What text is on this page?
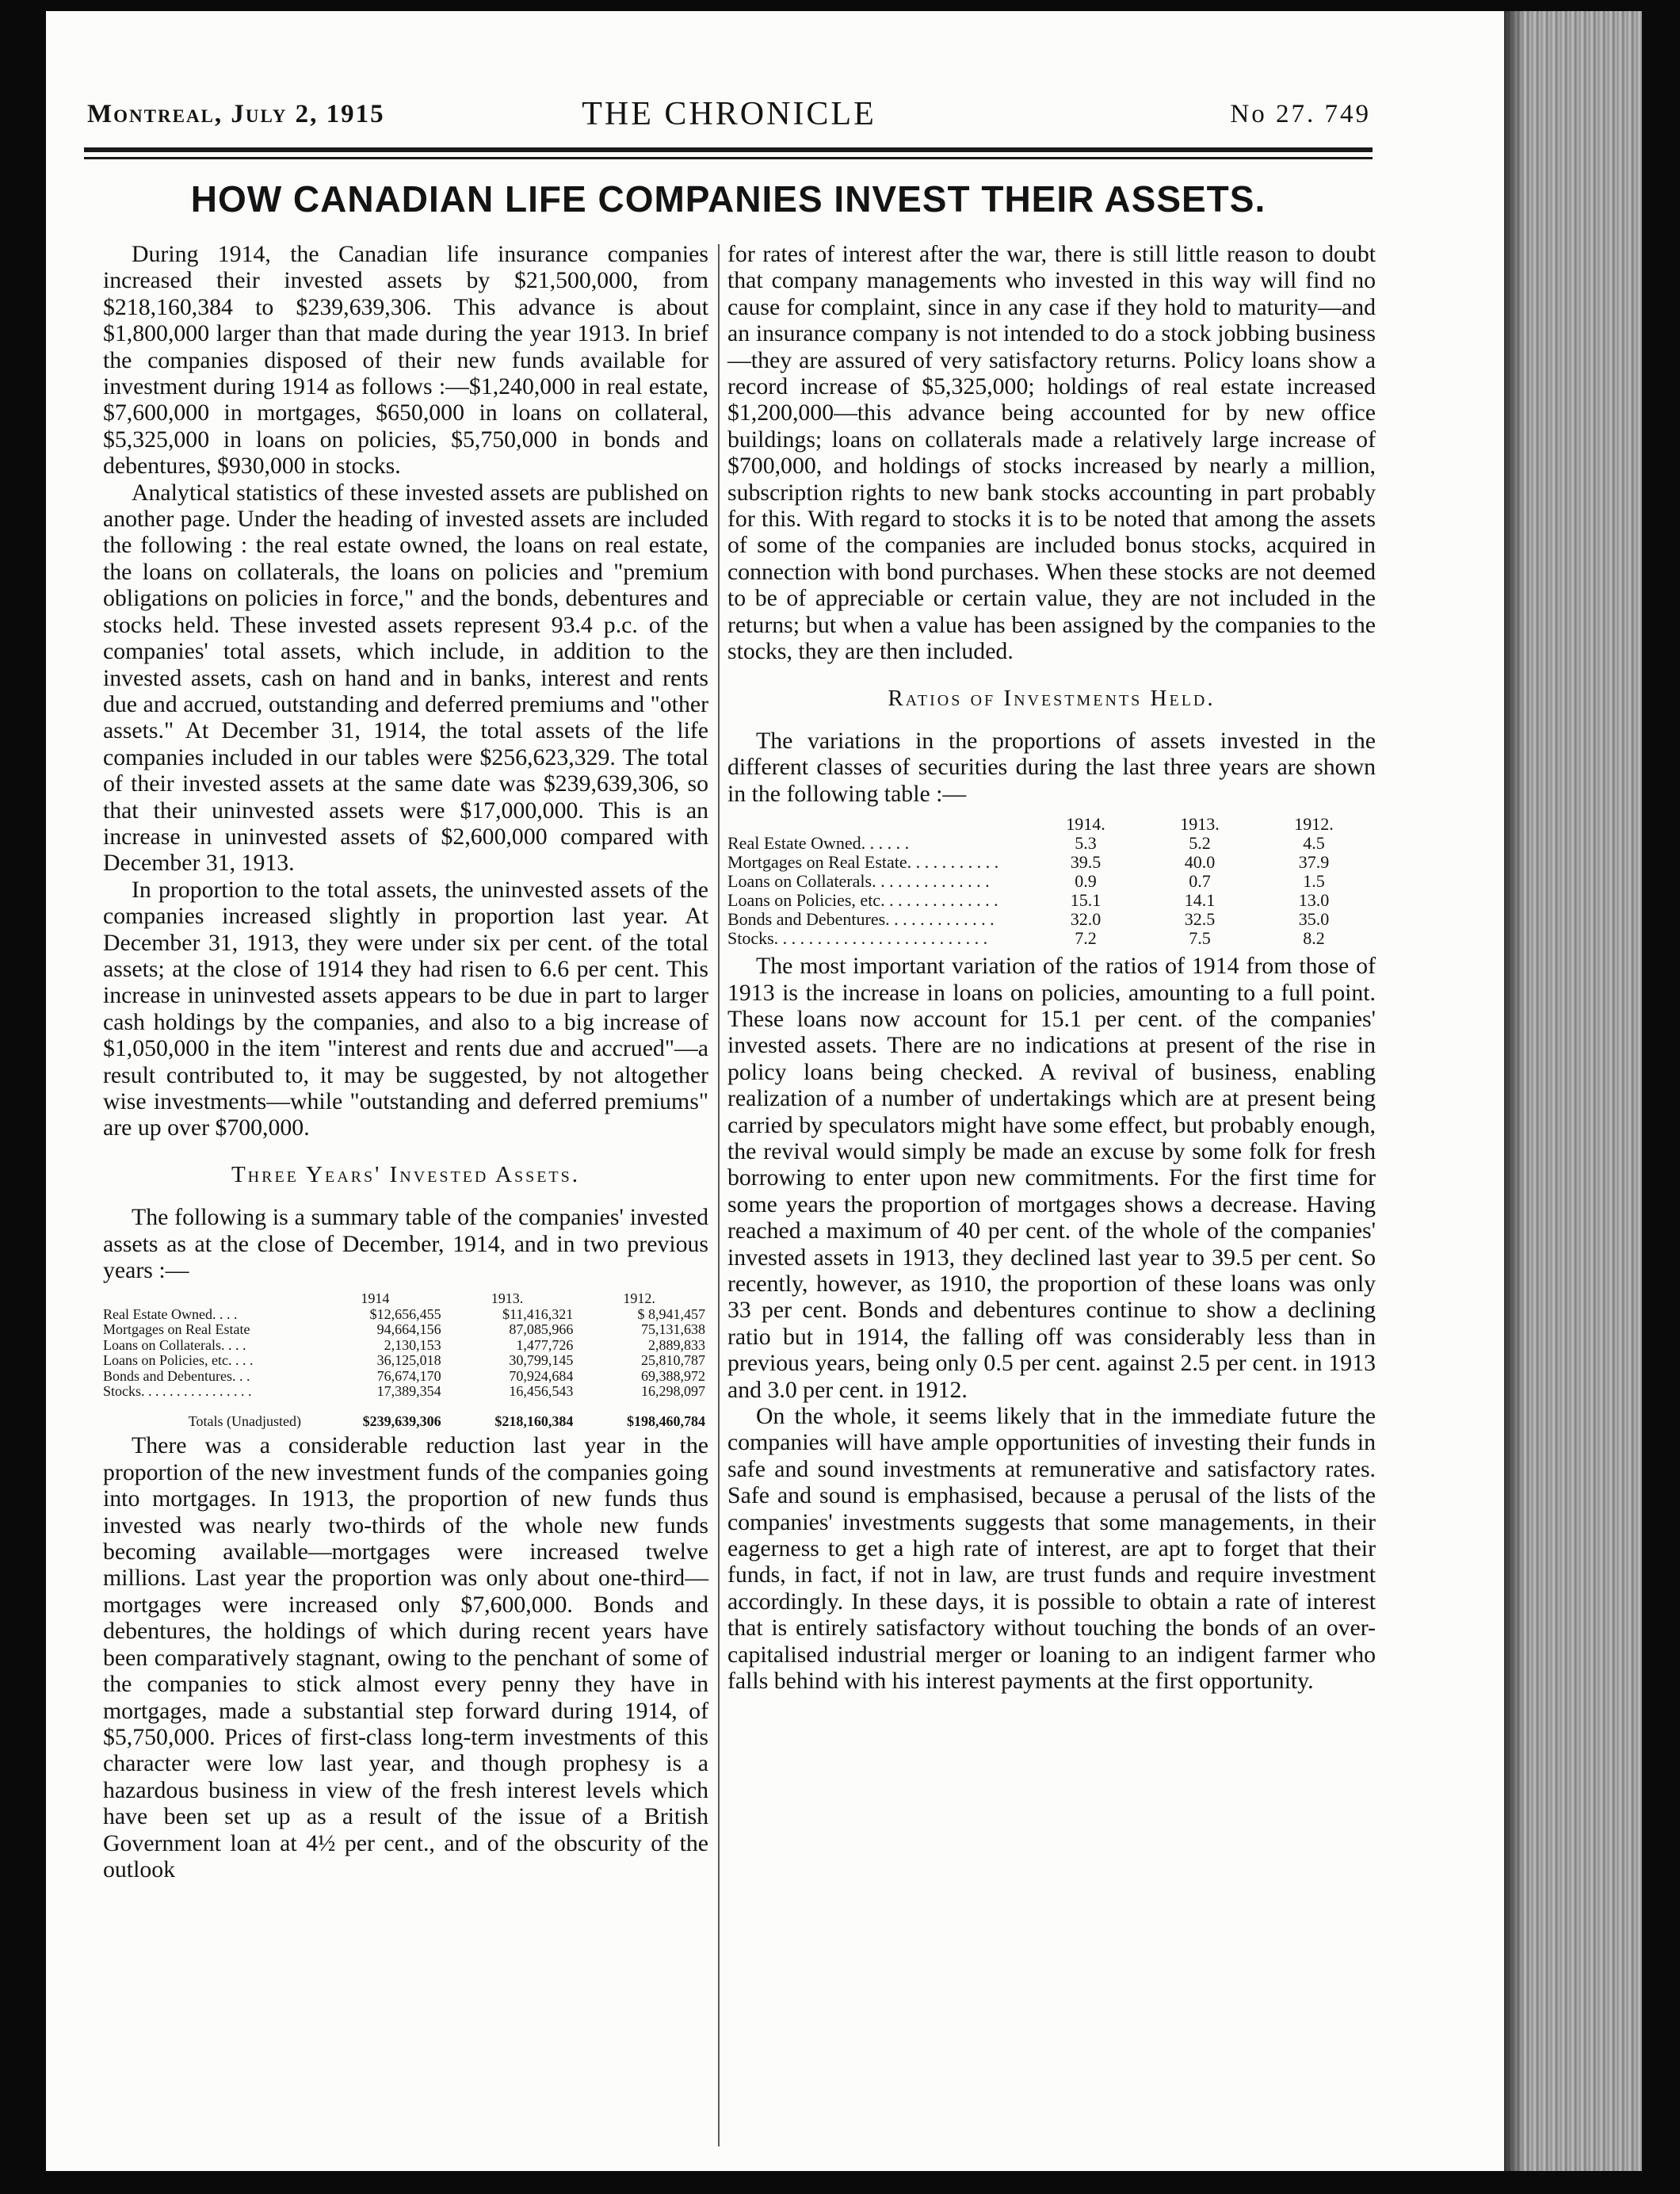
Montreal, July 2, 1915	THE CHRONICLE	No 27. 749
HOW CANADIAN LIFE COMPANIES INVEST THEIR ASSETS.

During 1914, the Canadian life insurance companies increased their invested assets by $21,500,000, from $218,160,384 to $239,639,306. This advance is about $1,800,000 larger than that made during the year 1913. In brief the companies disposed of their new funds available for investment during 1914 as follows :—$1,240,000 in real estate, $7,600,000 in mortgages, $650,000 in loans on collateral, $5,325,000 in loans on policies, $5,750,000 in bonds and debentures, $930,000 in stocks.

Analytical statistics of these invested assets are published on another page. Under the heading of invested assets are included the following : the real estate owned, the loans on real estate, the loans on collaterals, the loans on policies and "premium obligations on policies in force," and the bonds, debentures and stocks held. These invested assets represent 93.4 p.c. of the companies' total assets, which include, in addition to the invested assets, cash on hand and in banks, interest and rents due and accrued, outstanding and deferred premiums and "other assets." At December 31, 1914, the total assets of the life companies included in our tables were $256,623,329. The total of their invested assets at the same date was $239,639,306, so that their uninvested assets were $17,000,000. This is an increase in uninvested assets of $2,600,000 compared with December 31, 1913.

In proportion to the total assets, the uninvested assets of the companies increased slightly in proportion last year. At December 31, 1913, they were under six per cent. of the total assets; at the close of 1914 they had risen to 6.6 per cent. This increase in uninvested assets appears to be due in part to larger cash holdings by the companies, and also to a big increase of $1,050,000 in the item "interest and rents due and accrued"—a result contributed to, it may be suggested, by not altogether wise investments—while "outstanding and deferred premiums" are up over $700,000.

Three Years' Invested Assets.

The following is a summary table of the companies' invested assets as at the close of December, 1914, and in two previous years :—

	1914	1913.	1912.
Real Estate Owned. . . .	$12,656,455	$11,416,321	$ 8,941,457
Mortgages on Real Estate	94,664,156	87,085,966	75,131,638
Loans on Collaterals. . . .	2,130,153	1,477,726	2,889,833
Loans on Policies, etc. . . .	36,125,018	30,799,145	25,810,787
Bonds and Debentures. . .	76,674,170	70,924,684	69,388,972
Stocks. . . . . . . . . . . . . . . .	17,389,354	16,456,543	16,298,097
Totals (Unadjusted)	$239,639,306	$218,160,384	$198,460,784

There was a considerable reduction last year in the proportion of the new investment funds of the companies going into mortgages. In 1913, the proportion of new funds thus invested was nearly two-thirds of the whole new funds becoming available—mortgages were increased twelve millions. Last year the proportion was only about one-third—mortgages were increased only $7,600,000. Bonds and debentures, the holdings of which during recent years have been comparatively stagnant, owing to the penchant of some of the companies to stick almost every penny they have in mortgages, made a substantial step forward during 1914, of $5,750,000. Prices of first-class long-term investments of this character were low last year, and though prophesy is a hazardous business in view of the fresh interest levels which have been set up as a result of the issue of a British Government loan at 4½ per cent., and of the obscurity of the outlook

for rates of interest after the war, there is still little reason to doubt that company managements who invested in this way will find no cause for complaint, since in any case if they hold to maturity—and an insurance company is not intended to do a stock jobbing business—they are assured of very satisfactory returns. Policy loans show a record increase of $5,325,000; holdings of real estate increased $1,200,000—this advance being accounted for by new office buildings; loans on collaterals made a relatively large increase of $700,000, and holdings of stocks increased by nearly a million, subscription rights to new bank stocks accounting in part probably for this. With regard to stocks it is to be noted that among the assets of some of the companies are included bonus stocks, acquired in connection with bond purchases. When these stocks are not deemed to be of appreciable or certain value, they are not included in the returns; but when a value has been assigned by the companies to the stocks, they are then included.

Ratios of Investments Held.

The variations in the proportions of assets invested in the different classes of securities during the last three years are shown in the following table :—

	1914.	1913.	1912.
Real Estate Owned. . . . . .	5.3	5.2	4.5
Mortgages on Real Estate. . . . . . . . . . .	39.5	40.0	37.9
Loans on Collaterals. . . . . . . . . . . . . .	0.9	0.7	1.5
Loans on Policies, etc. . . . . . . . . . . . . .	15.1	14.1	13.0
Bonds and Debentures. . . . . . . . . . . . .	32.0	32.5	35.0
Stocks. . . . . . . . . . . . . . . . . . . . . . . . .	7.2	7.5	8.2

The most important variation of the ratios of 1914 from those of 1913 is the increase in loans on policies, amounting to a full point. These loans now account for 15.1 per cent. of the companies' invested assets. There are no indications at present of the rise in policy loans being checked. A revival of business, enabling realization of a number of undertakings which are at present being carried by speculators might have some effect, but probably enough, the revival would simply be made an excuse by some folk for fresh borrowing to enter upon new commitments. For the first time for some years the proportion of mortgages shows a decrease. Having reached a maximum of 40 per cent. of the whole of the companies' invested assets in 1913, they declined last year to 39.5 per cent. So recently, however, as 1910, the proportion of these loans was only 33 per cent. Bonds and debentures continue to show a declining ratio but in 1914, the falling off was considerably less than in previous years, being only 0.5 per cent. against 2.5 per cent. in 1913 and 3.0 per cent. in 1912.

On the whole, it seems likely that in the immediate future the companies will have ample opportunities of investing their funds in safe and sound investments at remunerative and satisfactory rates. Safe and sound is emphasised, because a perusal of the lists of the companies' investments suggests that some managements, in their eagerness to get a high rate of interest, are apt to forget that their funds, in fact, if not in law, are trust funds and require investment accordingly. In these days, it is possible to obtain a rate of interest that is entirely satisfactory without touching the bonds of an over-capitalised industrial merger or loaning to an indigent farmer who falls behind with his interest payments at the first opportunity.
